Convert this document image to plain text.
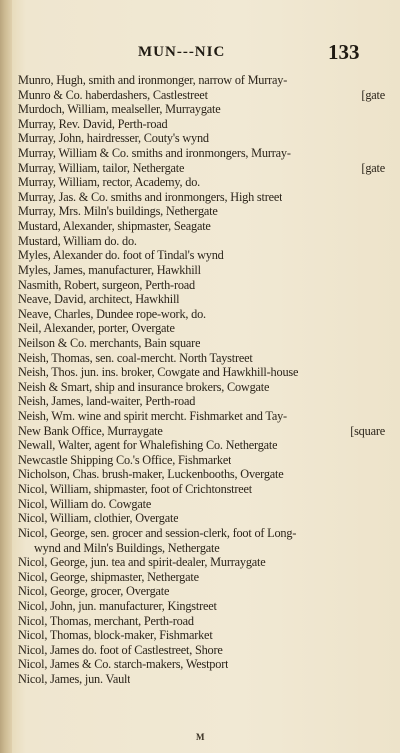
MUN---NIC	133
Munro, Hugh, smith and ironmonger, narrow of Murray-
Munro & Co. haberdashers, Castlestreet	[gate
Murdoch, William, mealseller, Murraygate
Murray, Rev. David, Perth-road
Murray, John, hairdresser, Couty's wynd
Murray, William & Co. smiths and ironmongers, Murray-
Murray, William, tailor, Nethergate	[gate
Murray, William, rector, Academy, do.
Murray, Jas. & Co. smiths and ironmongers, High street
Murray, Mrs. Miln's buildings, Nethergate
Mustard, Alexander, shipmaster, Seagate
Mustard, William do. do.
Myles, Alexander do. foot of Tindal's wynd
Myles, James, manufacturer, Hawkhill
Nasmith, Robert, surgeon, Perth-road
Neave, David, architect, Hawkhill
Neave, Charles, Dundee rope-work, do.
Neil, Alexander, porter, Overgate
Neilson & Co. merchants, Bain square
Neish, Thomas, sen. coal-mercht. North Taystreet
Neish, Thos. jun. ins. broker, Cowgate and Hawkhill-house
Neish & Smart, ship and insurance brokers, Cowgate
Neish, James, land-waiter, Perth-road
Neish, Wm. wine and spirit mercht. Fishmarket and Tay-
New Bank Office, Murraygate	[square
Newall, Walter, agent for Whalefishing Co. Nethergate
Newcastle Shipping Co.'s Office, Fishmarket
Nicholson, Chas. brush-maker, Luckenbooths, Overgate
Nicol, William, shipmaster, foot of Crichtonstreet
Nicol, William do. Cowgate
Nicol, William, clothier, Overgate
Nicol, George, sen. grocer and session-clerk, foot of Long-
wynd and Miln's Buildings, Nethergate
Nicol, George, jun. tea and spirit-dealer, Murraygate
Nicol, George, shipmaster, Nethergate
Nicol, George, grocer, Overgate
Nicol, John, jun. manufacturer, Kingstreet
Nicol, Thomas, merchant, Perth-road
Nicol, Thomas, block-maker, Fishmarket
Nicol, James do. foot of Castlestreet, Shore
Nicol, James & Co. starch-makers, Westport
Nicol, James, jun. Vault
M
